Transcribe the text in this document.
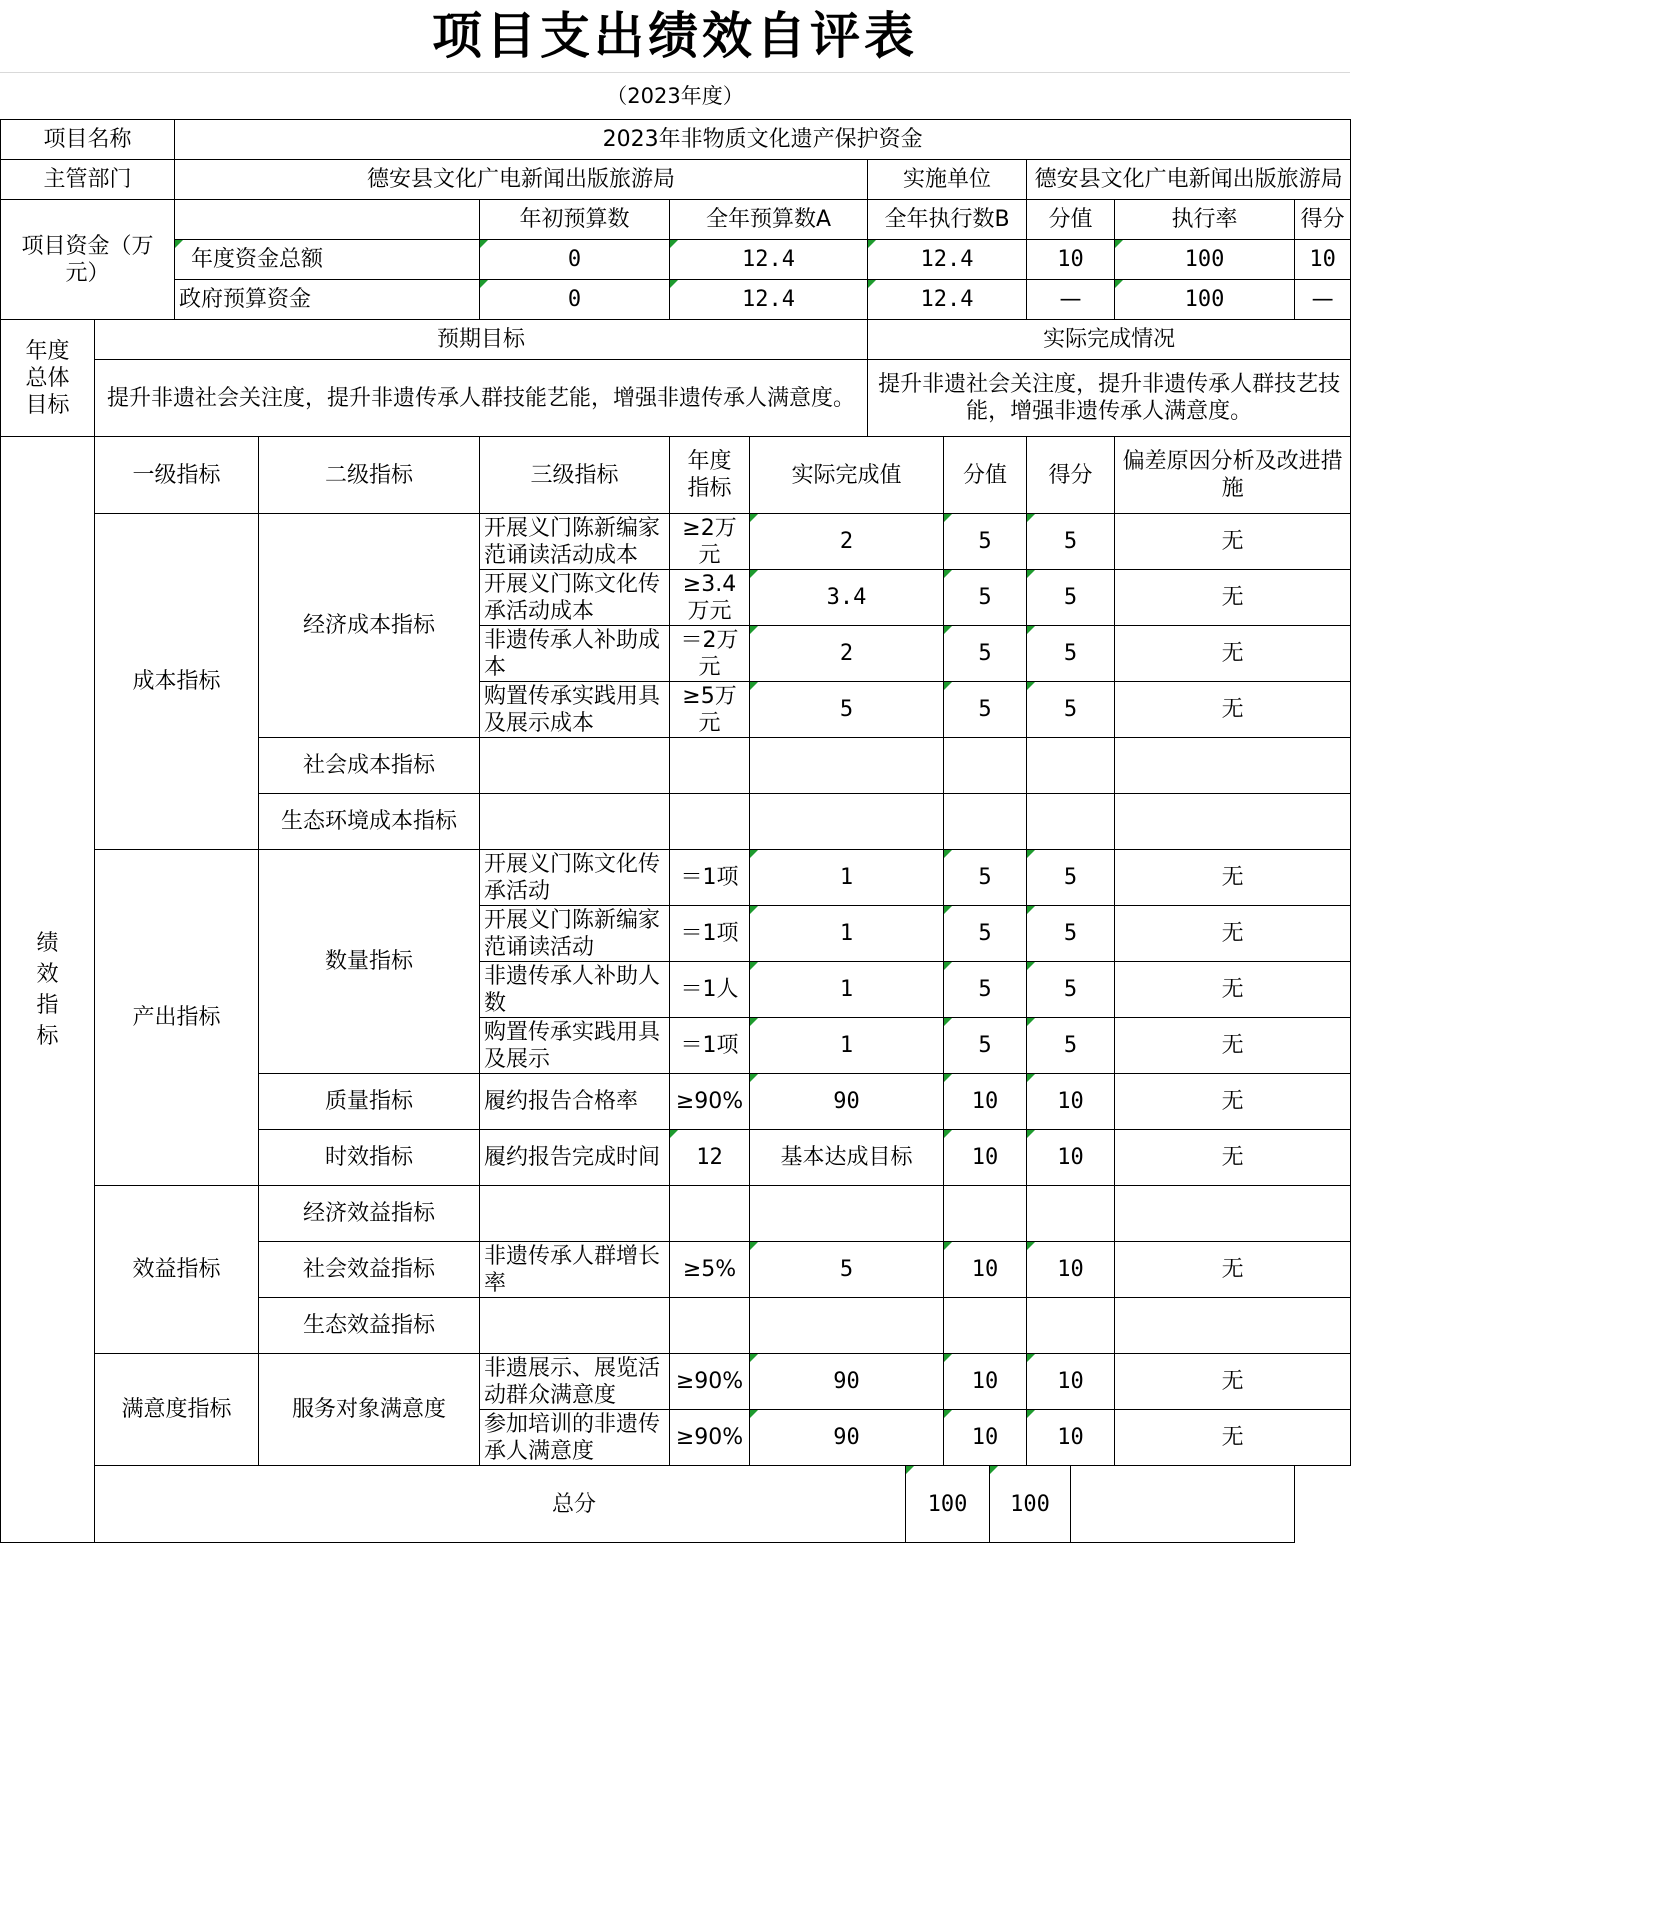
项目支出绩效自评表
（2023年度）
项目名称		2023年非物质文化遗产保护资金												
主管部门		德安县文化广电新闻出版旅游局					实施单位				德安县文化广电新闻出版旅游局			
项目资金（万元）				年初预算数	全年预算数A		全年执行数B				分值		执行率	得分
		年度资金总额		0	12.4		12.4				10		100	10
		政府预算资金		0	12.4		12.4				—		100	—
年度总体目标	预期目标						实际完成情况							
	提升非遗社会关注度，提升非遗传承人群技能艺能，增强非遗传承人满意度。						提升非遗社会关注度，提升非遗传承人群技艺技能，增强非遗传承人满意度。							
绩效指标	一级指标		二级指标	三级指标	年度指标	实际完成值			分值		得分		偏差原因分析及改进措施	
	成本指标		经济成本指标	开展义门陈新编家范诵读活动成本	≥2万元	2			5		5		无	
				开展义门陈文化传承活动成本	≥3.4万元	3.4			5		5		无	
				非遗传承人补助成本	＝2万元	2			5		5		无	
				购置传承实践用具及展示成本	≥5万元	5			5		5		无	
			社会成本指标											
			生态环境成本指标											
	产出指标		数量指标	开展义门陈文化传承活动	＝1项	1			5		5		无	
				开展义门陈新编家范诵读活动	＝1项	1			5		5		无	
				非遗传承人补助人数	＝1人	1			5		5		无	
				购置传承实践用具及展示	＝1项	1			5		5		无	
			质量指标	履约报告合格率	≥90%	90			10		10		无	
			时效指标	履约报告完成时间	12	基本达成目标			10		10		无	
	效益指标		经济效益指标											
			社会效益指标	非遗传承人群增长率	≥5%	5			10		10		无	
			生态效益指标											
	满意度指标		服务对象满意度	非遗展示、展览活动群众满意度	≥90%	90			10		10		无	
				参加培训的非遗传承人满意度	≥90%	90			10		10		无	
	总分							100		100				
